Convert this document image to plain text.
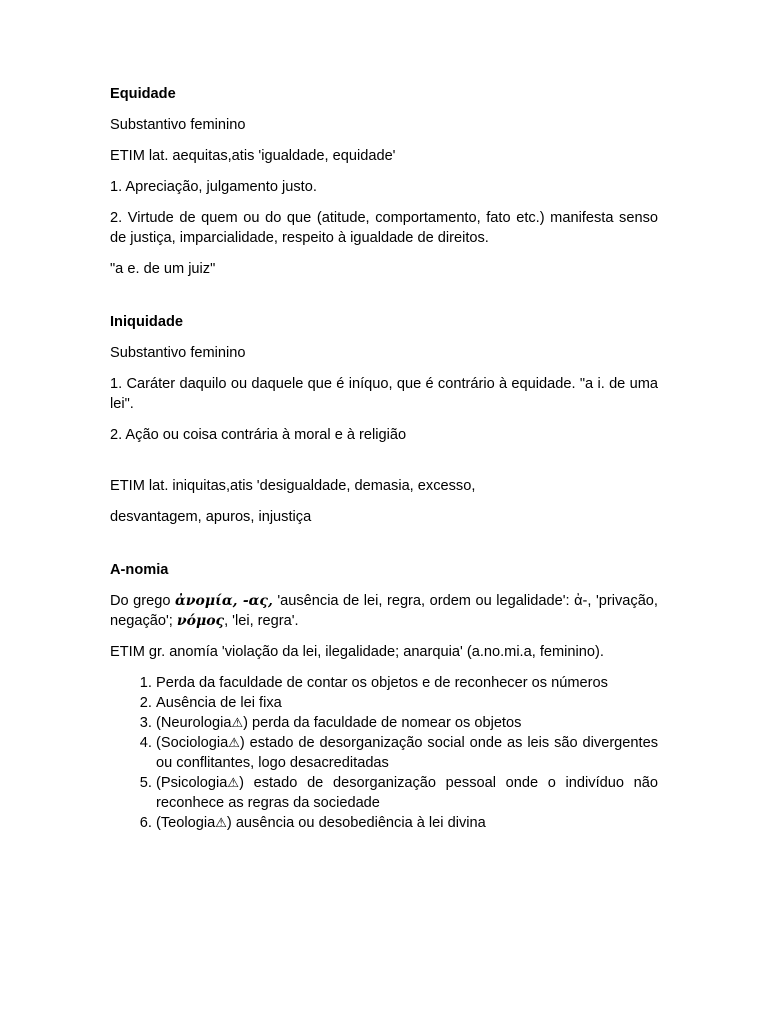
Equidade

Substantivo feminino

ETIM lat. aequitas,atis 'igualdade, equidade'

1. Apreciação, julgamento justo.

2. Virtude de quem ou do que (atitude, comportamento, fato etc.) manifesta senso de justiça, imparcialidade, respeito à igualdade de direitos.

"a e. de um juiz"

Iniquidade

Substantivo feminino

1. Caráter daquilo ou daquele que é iníquo, que é contrário à equidade. "a i. de uma lei".

2. Ação ou coisa contrária à moral e à religião

ETIM lat. iniquitas,atis 'desigualdade, demasia, excesso,

desvantagem, apuros, injustiça

A-nomia

Do grego ἀνομία, -ας, 'ausência de lei, regra, ordem ou legalidade': ἀ-, 'privação, negação'; νόμος, 'lei, regra'.

ETIM gr. anomía 'violação da lei, ilegalidade; anarquia' (a.no.mi.a, feminino).

1. Perda da faculdade de contar os objetos e de reconhecer os números
2. Ausência de lei fixa
3. (Neurologia⚠) perda da faculdade de nomear os objetos
4. (Sociologia⚠) estado de desorganização social onde as leis são divergentes ou conflitantes, logo desacreditadas
5. (Psicologia⚠) estado de desorganização pessoal onde o indivíduo não reconhece as regras da sociedade
6. (Teologia⚠) ausência ou desobediência à lei divina
